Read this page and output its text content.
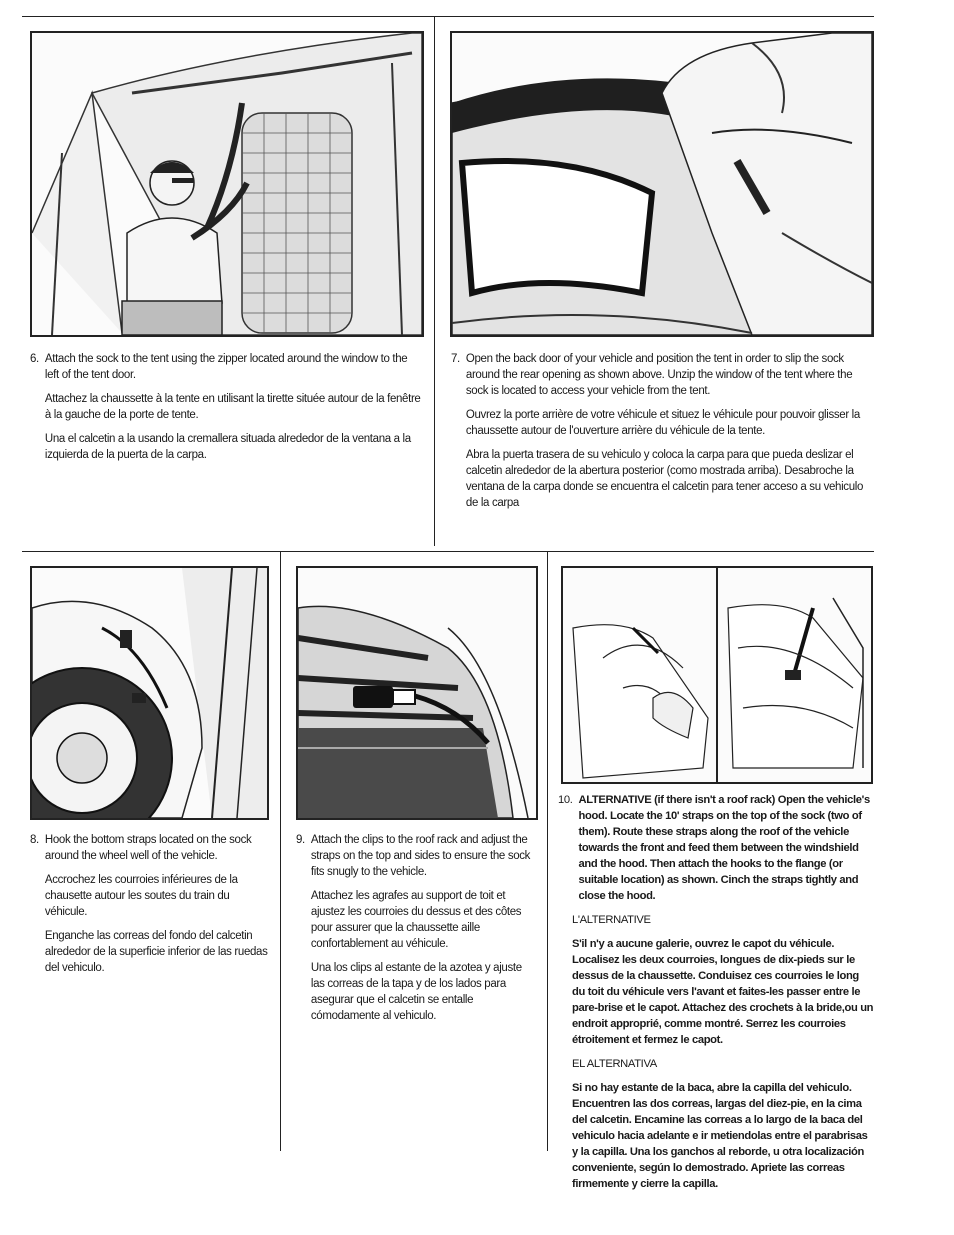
6. Attach the sock to the tent using the zipper located around the window to the left of the tent door.

Attachez la chaussette à la tente en utilisant la tirette située autour de la fenêtre à la gauche de la porte de tente.

Una el calcetin a la usando la cremallera situada alrededor de la ventana a la izquierda de la puerta de la carpa.

7. Open the back door of your vehicle and position the tent in order to slip the sock around the rear opening as shown above. Unzip the window of the tent where the sock is located to access your vehicle from the tent.

Ouvrez la porte arrière de votre véhicule et situez le véhicule pour pouvoir glisser la chaussette autour de l'ouverture arrière du véhicule de la tente.

Abra la puerta trasera de su vehiculo y coloca la carpa para que pueda deslizar el calcetin alrededor de la abertura posterior (como mostrada arriba). Desabroche la ventana de la carpa donde se encuentra el calcetin para tener acceso a su vehiculo de la carpa

8. Hook the bottom straps located on the sock around the wheel well of the vehicle.

Accrochez les courroies inférieures de la chausette autour les soutes du train du véhicule.

Enganche las correas del fondo del calcetin alrededor de la superficie inferior de las ruedas del vehiculo.

9. Attach the clips to the roof rack and adjust the straps on the top and sides to ensure the sock fits snugly to the vehicle.

Attachez les agrafes au support de toit et ajustez les courroies du dessus et des côtes pour assurer que la chaussette aille confortablement au véhicule.

Una los clips al estante de la azotea y ajuste las correas de la tapa y de los lados para asegurar que el calcetin se entalle cómodamente al vehiculo.

10. ALTERNATIVE (if there isn't a roof rack) Open the vehicle's hood. Locate the 10' straps on the top of the sock (two of them). Route these straps along the roof of the vehicle towards the front and feed them between the windshield and the hood. Then attach the hooks to the flange (or suitable location) as shown. Cinch the straps tightly and close the hood.

L'ALTERNATIVE

S'il n'y a aucune galerie, ouvrez le capot du véhicule. Localisez les deux courroies, longues de dix-pieds sur le dessus de la chaussette. Conduisez ces courroies le long du toit du véhicule vers l'avant et faites-les passer entre le pare-brise et le capot. Attachez des crochets à la bride,ou un endroit approprié, comme montré. Serrez les courroies étroitement et fermez le capot.

EL ALTERNATIVA

Si no hay estante de la baca, abre la capilla del vehiculo. Encuentren las dos correas, largas del diez-pie, en la cima del calcetin. Encamine las correas a lo largo de la baca del vehiculo hacia adelante e ir metiendolas entre el parabrisas y la capilla. Una los ganchos al reborde, u otra localización conveniente, según lo demostrado. Apriete las correas firmemente y cierre la capilla.
